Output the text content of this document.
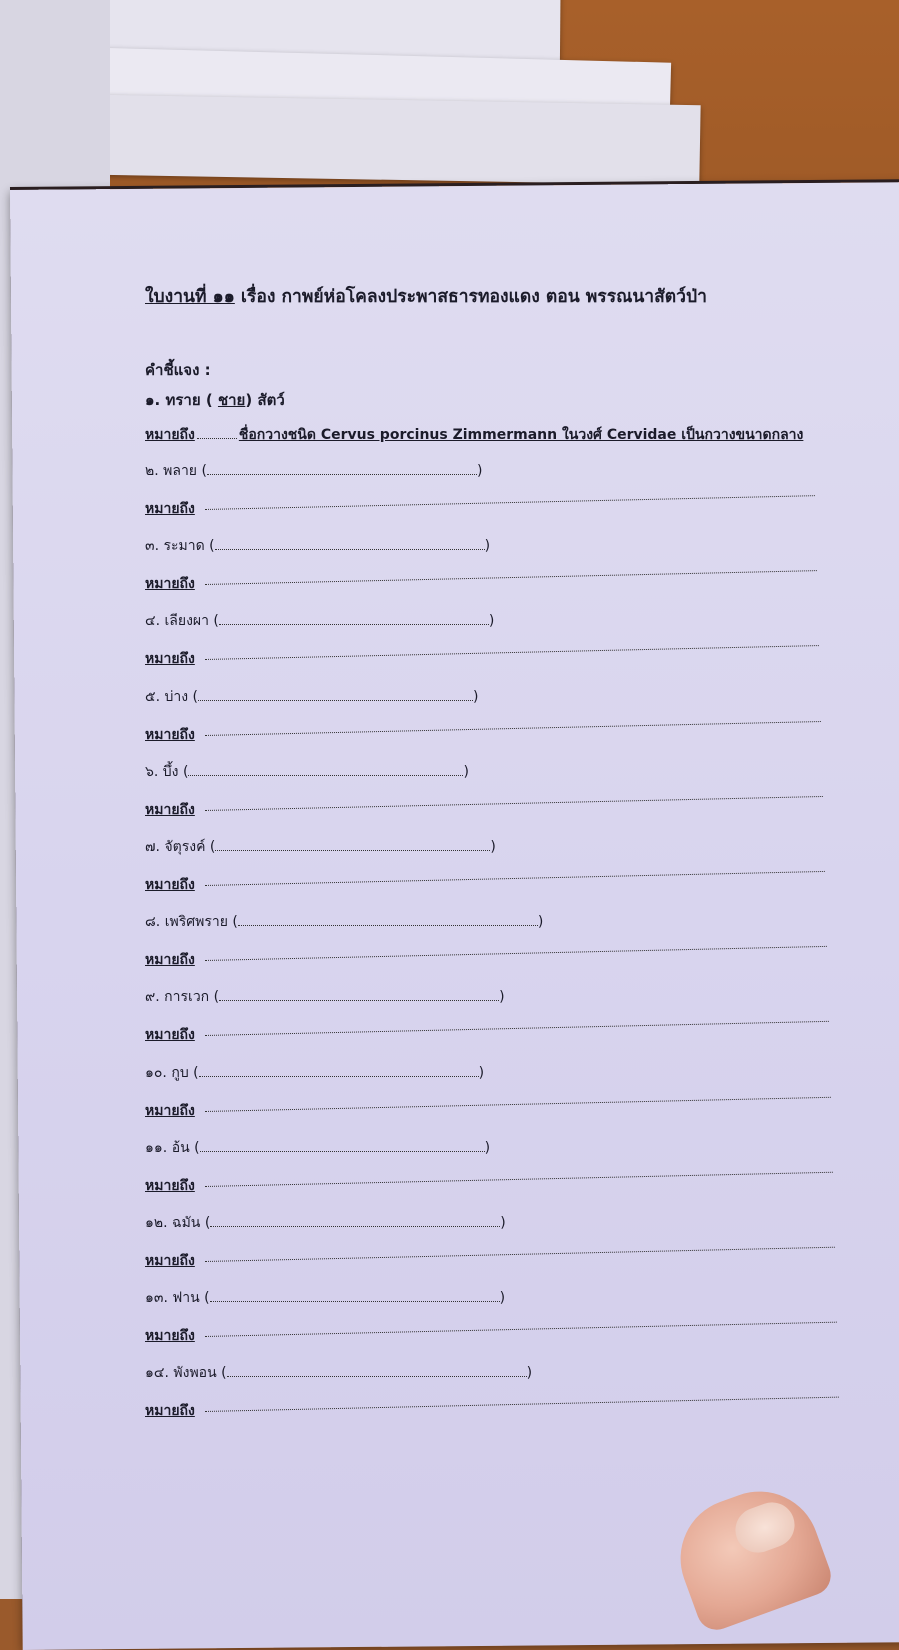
ใบงานที่ ๑๑ เรื่อง กาพย์ห่อโคลงประพาสธารทองแดง ตอน พรรณนาสัตว์ป่า
คำชี้แจง :
๑. ทราย ( ชาย) สัตว์
หมายถึง	ชื่อกวางชนิด Cervus porcinus Zimmermann ในวงศ์ Cervidae เป็นกวางขนาดกลาง
๒. พลาย (	)
หมายถึง
๓. ระมาด (	)
หมายถึง
๔. เลียงผา (	)
หมายถึง
๕. บ่าง (	)
หมายถึง
๖. บึ้ง (	)
หมายถึง
๗. จัตุรงค์ (	)
หมายถึง
๘. เพริศพราย (	)
หมายถึง
๙. การเวก (	)
หมายถึง
๑๐. กูบ (	)
หมายถึง
๑๑. อ้น (	)
หมายถึง
๑๒. ฉมัน (	)
หมายถึง
๑๓. ฟาน (	)
หมายถึง
๑๔. พังพอน (	)
หมายถึง
